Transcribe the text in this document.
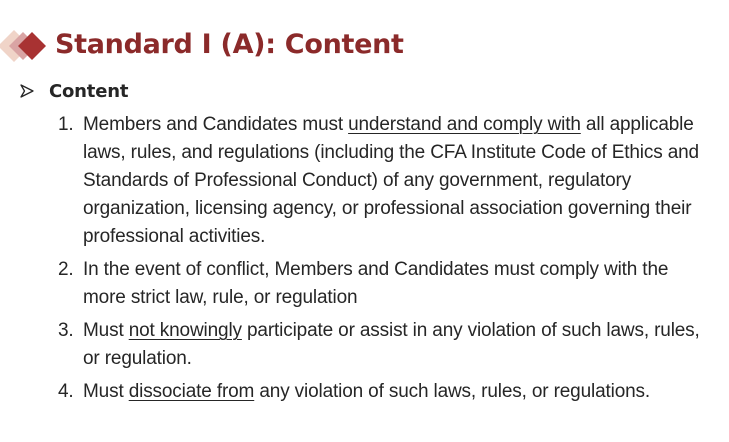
Standard I (A): Content
Content
1. Members and Candidates must understand and comply with all applicable laws, rules, and regulations (including the CFA Institute Code of Ethics and Standards of Professional Conduct) of any government, regulatory organization, licensing agency, or professional association governing their professional activities.
2. In the event of conflict, Members and Candidates must comply with the more strict law, rule, or regulation
3. Must not knowingly participate or assist in any violation of such laws, rules, or regulation.
4. Must dissociate from any violation of such laws, rules, or regulations.
